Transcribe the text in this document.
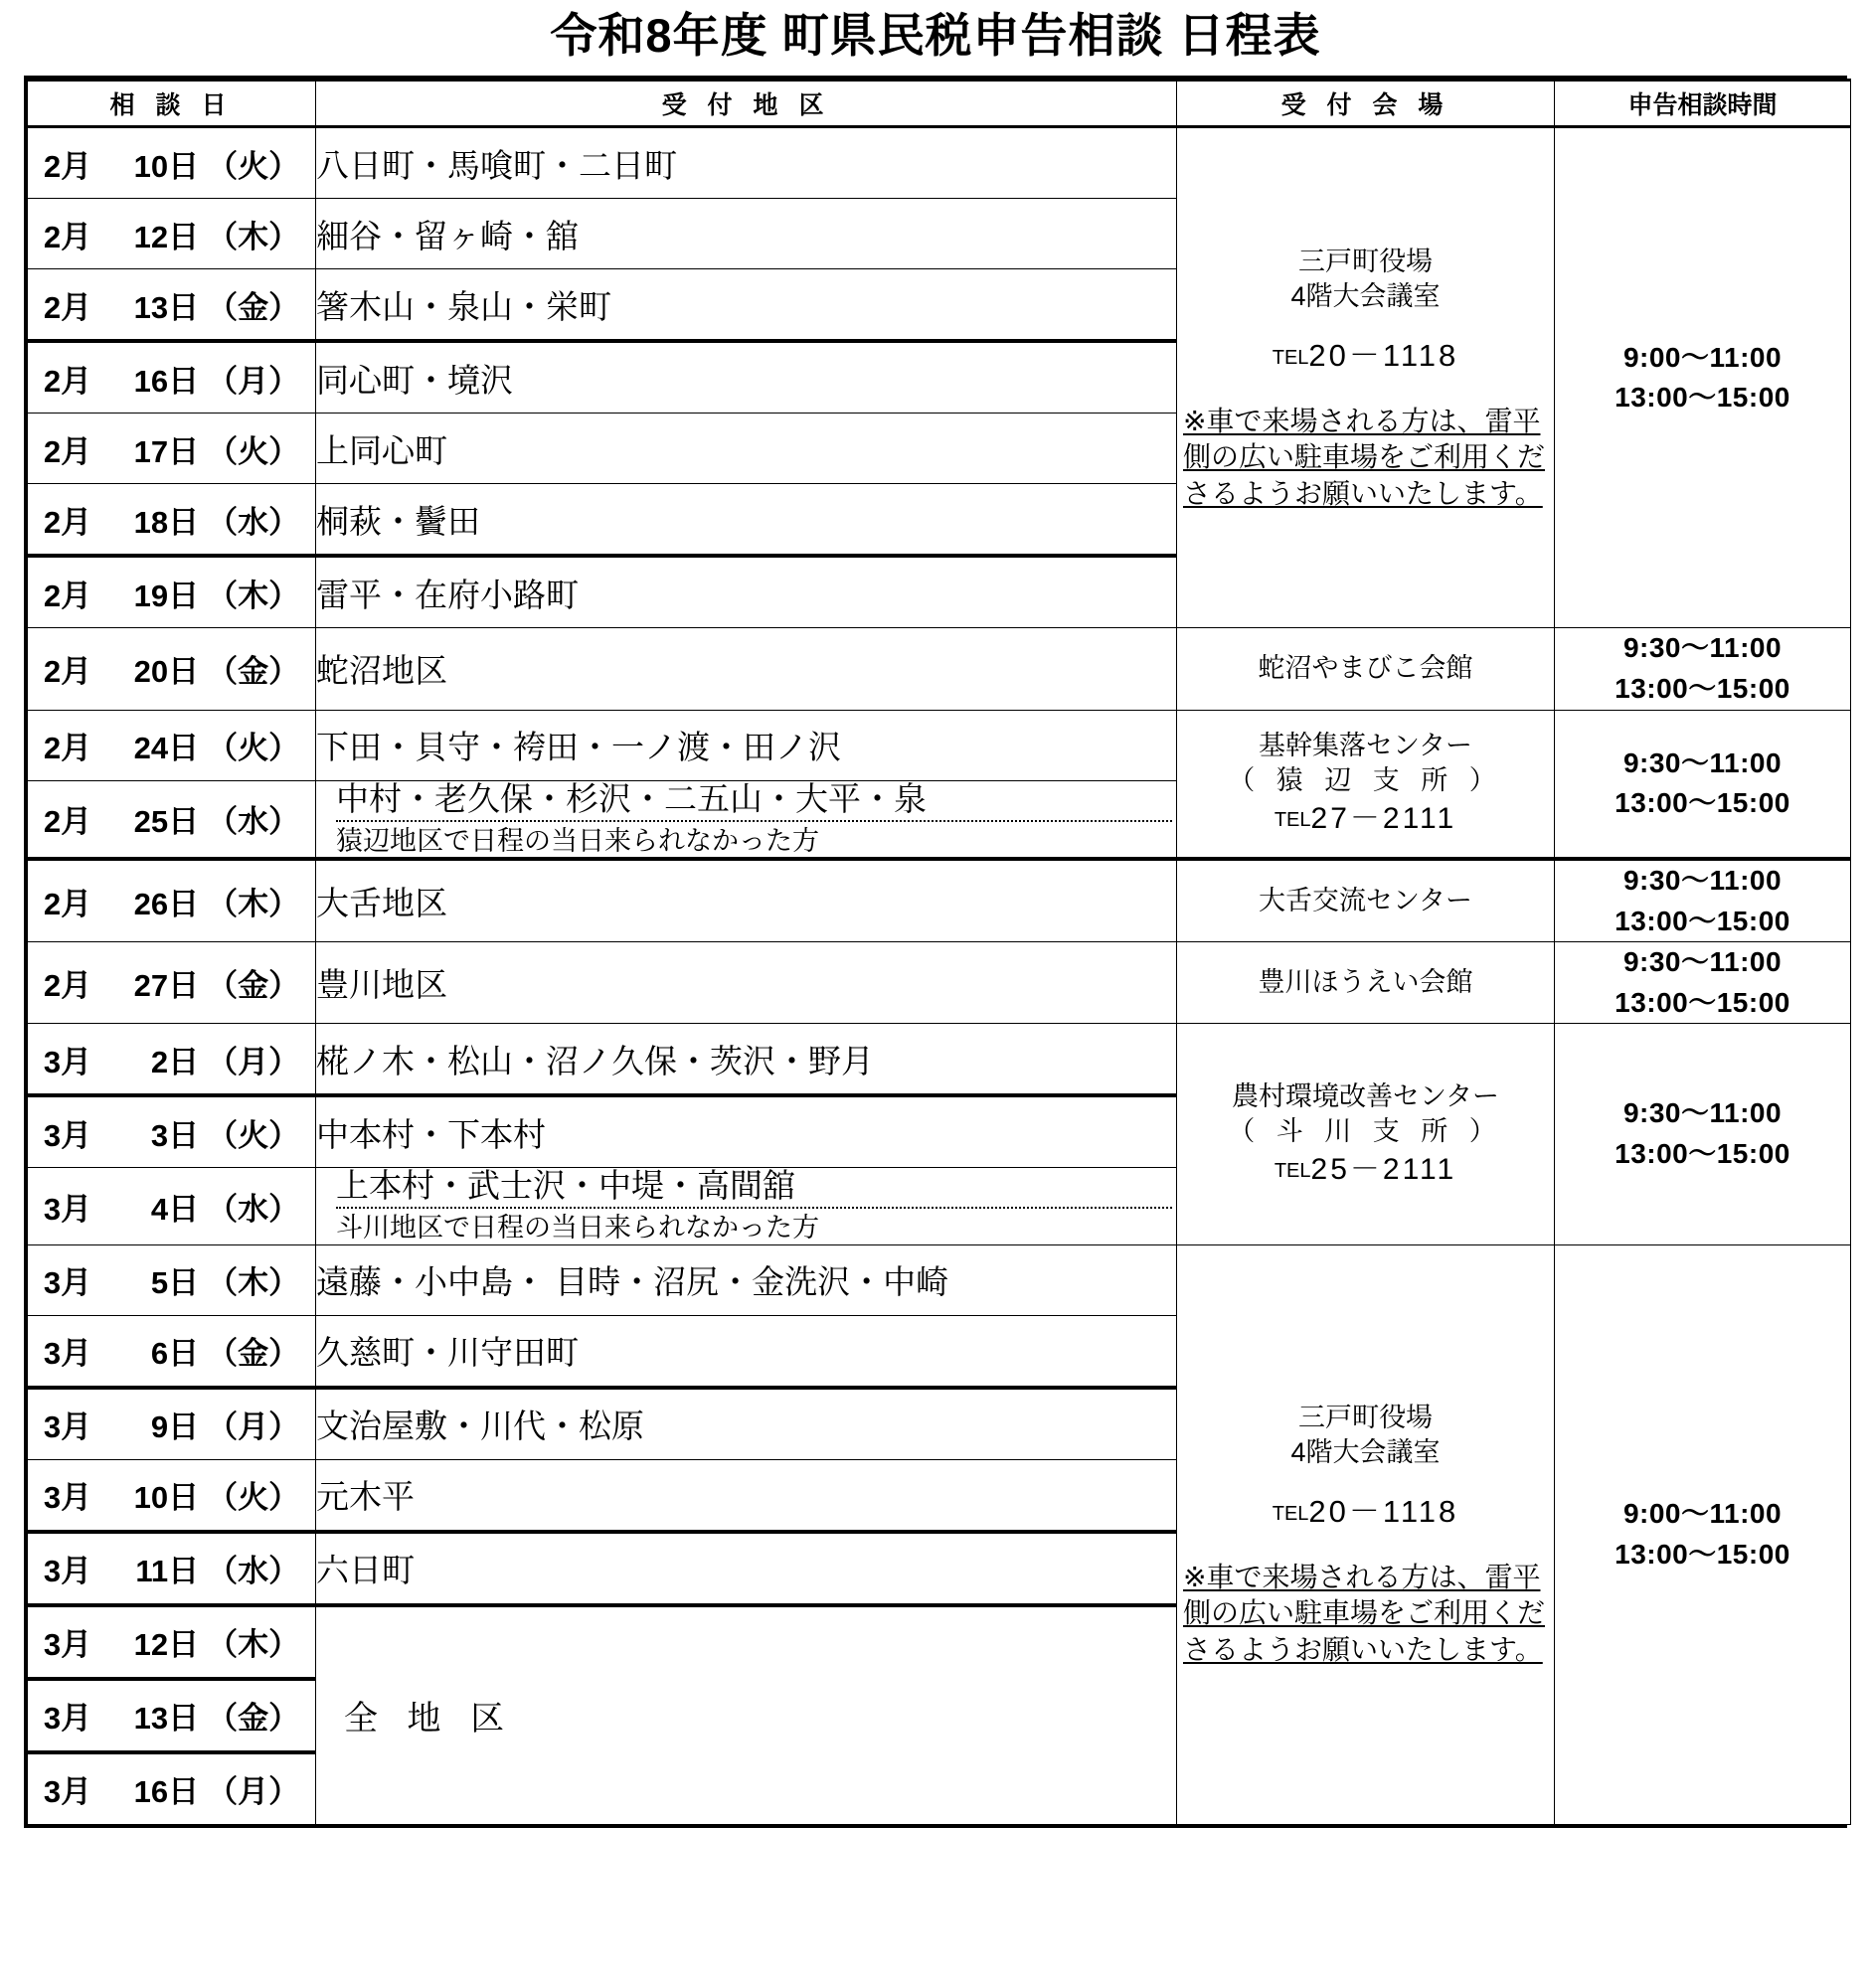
令和8年度 町県民税申告相談 日程表
相 談 日	受 付 地 区	受 付 会 場	申告相談時間
2月 10日 （火）	八日町・馬喰町・二日町	三戸町役場
4階大会議室
TEL20－1118
※車で来場される方は、雷平側の広い駐車場をご利用くださるようお願いいたします。	9:00～11:00
13:00～15:00

2月 12日 （木）	細谷・留ヶ崎・舘		
2月 13日 （金）	箸木山・泉山・栄町		
2月 16日 （月）	同心町・境沢		
2月 17日 （火）	上同心町		
2月 18日 （水）	桐萩・鬢田		
2月 19日 （木）	雷平・在府小路町		
2月 20日 （金）	蛇沼地区	蛇沼やまびこ会館	9:30～11:00
13:00～15:00

2月 24日 （火）	下田・貝守・袴田・一ノ渡・田ノ沢	基幹集落センター
（ 猿 辺 支 所 ）
TEL27－2111	9:30～11:00
13:00～15:00

2月 25日 （水）	中村・老久保・杉沢・二五山・大平・泉
猿辺地区で日程の当日来られなかった方		

2月 26日 （木）	大舌地区	大舌交流センター	9:30～11:00
13:00～15:00

2月 27日 （金）	豊川地区	豊川ほうえい会館	9:30～11:00
13:00～15:00

3月 2日 （月）	椛ノ木・松山・沼ノ久保・茨沢・野月	農村環境改善センター
（ 斗 川 支 所 ）
TEL25－2111	9:30～11:00
13:00～15:00

3月 3日 （火）	中本村・下本村		
3月 4日 （水）	上本村・武士沢・中堤・高間舘
斗川地区で日程の当日来られなかった方		

3月 5日 （木）	遠藤・小中島・ 目時・沼尻・金洗沢・中崎	三戸町役場
4階大会議室
TEL20－1118
※車で来場される方は、雷平側の広い駐車場をご利用くださるようお願いいたします。	9:00～11:00
13:00～15:00

3月 6日 （金）	久慈町・川守田町		
3月 9日 （月）	文治屋敷・川代・松原		
3月 10日 （火）	元木平		
3月 11日 （水）	六日町		
3月 12日 （木）	全 地 区		
3月 13日 （金）			
3月 16日 （月）			
